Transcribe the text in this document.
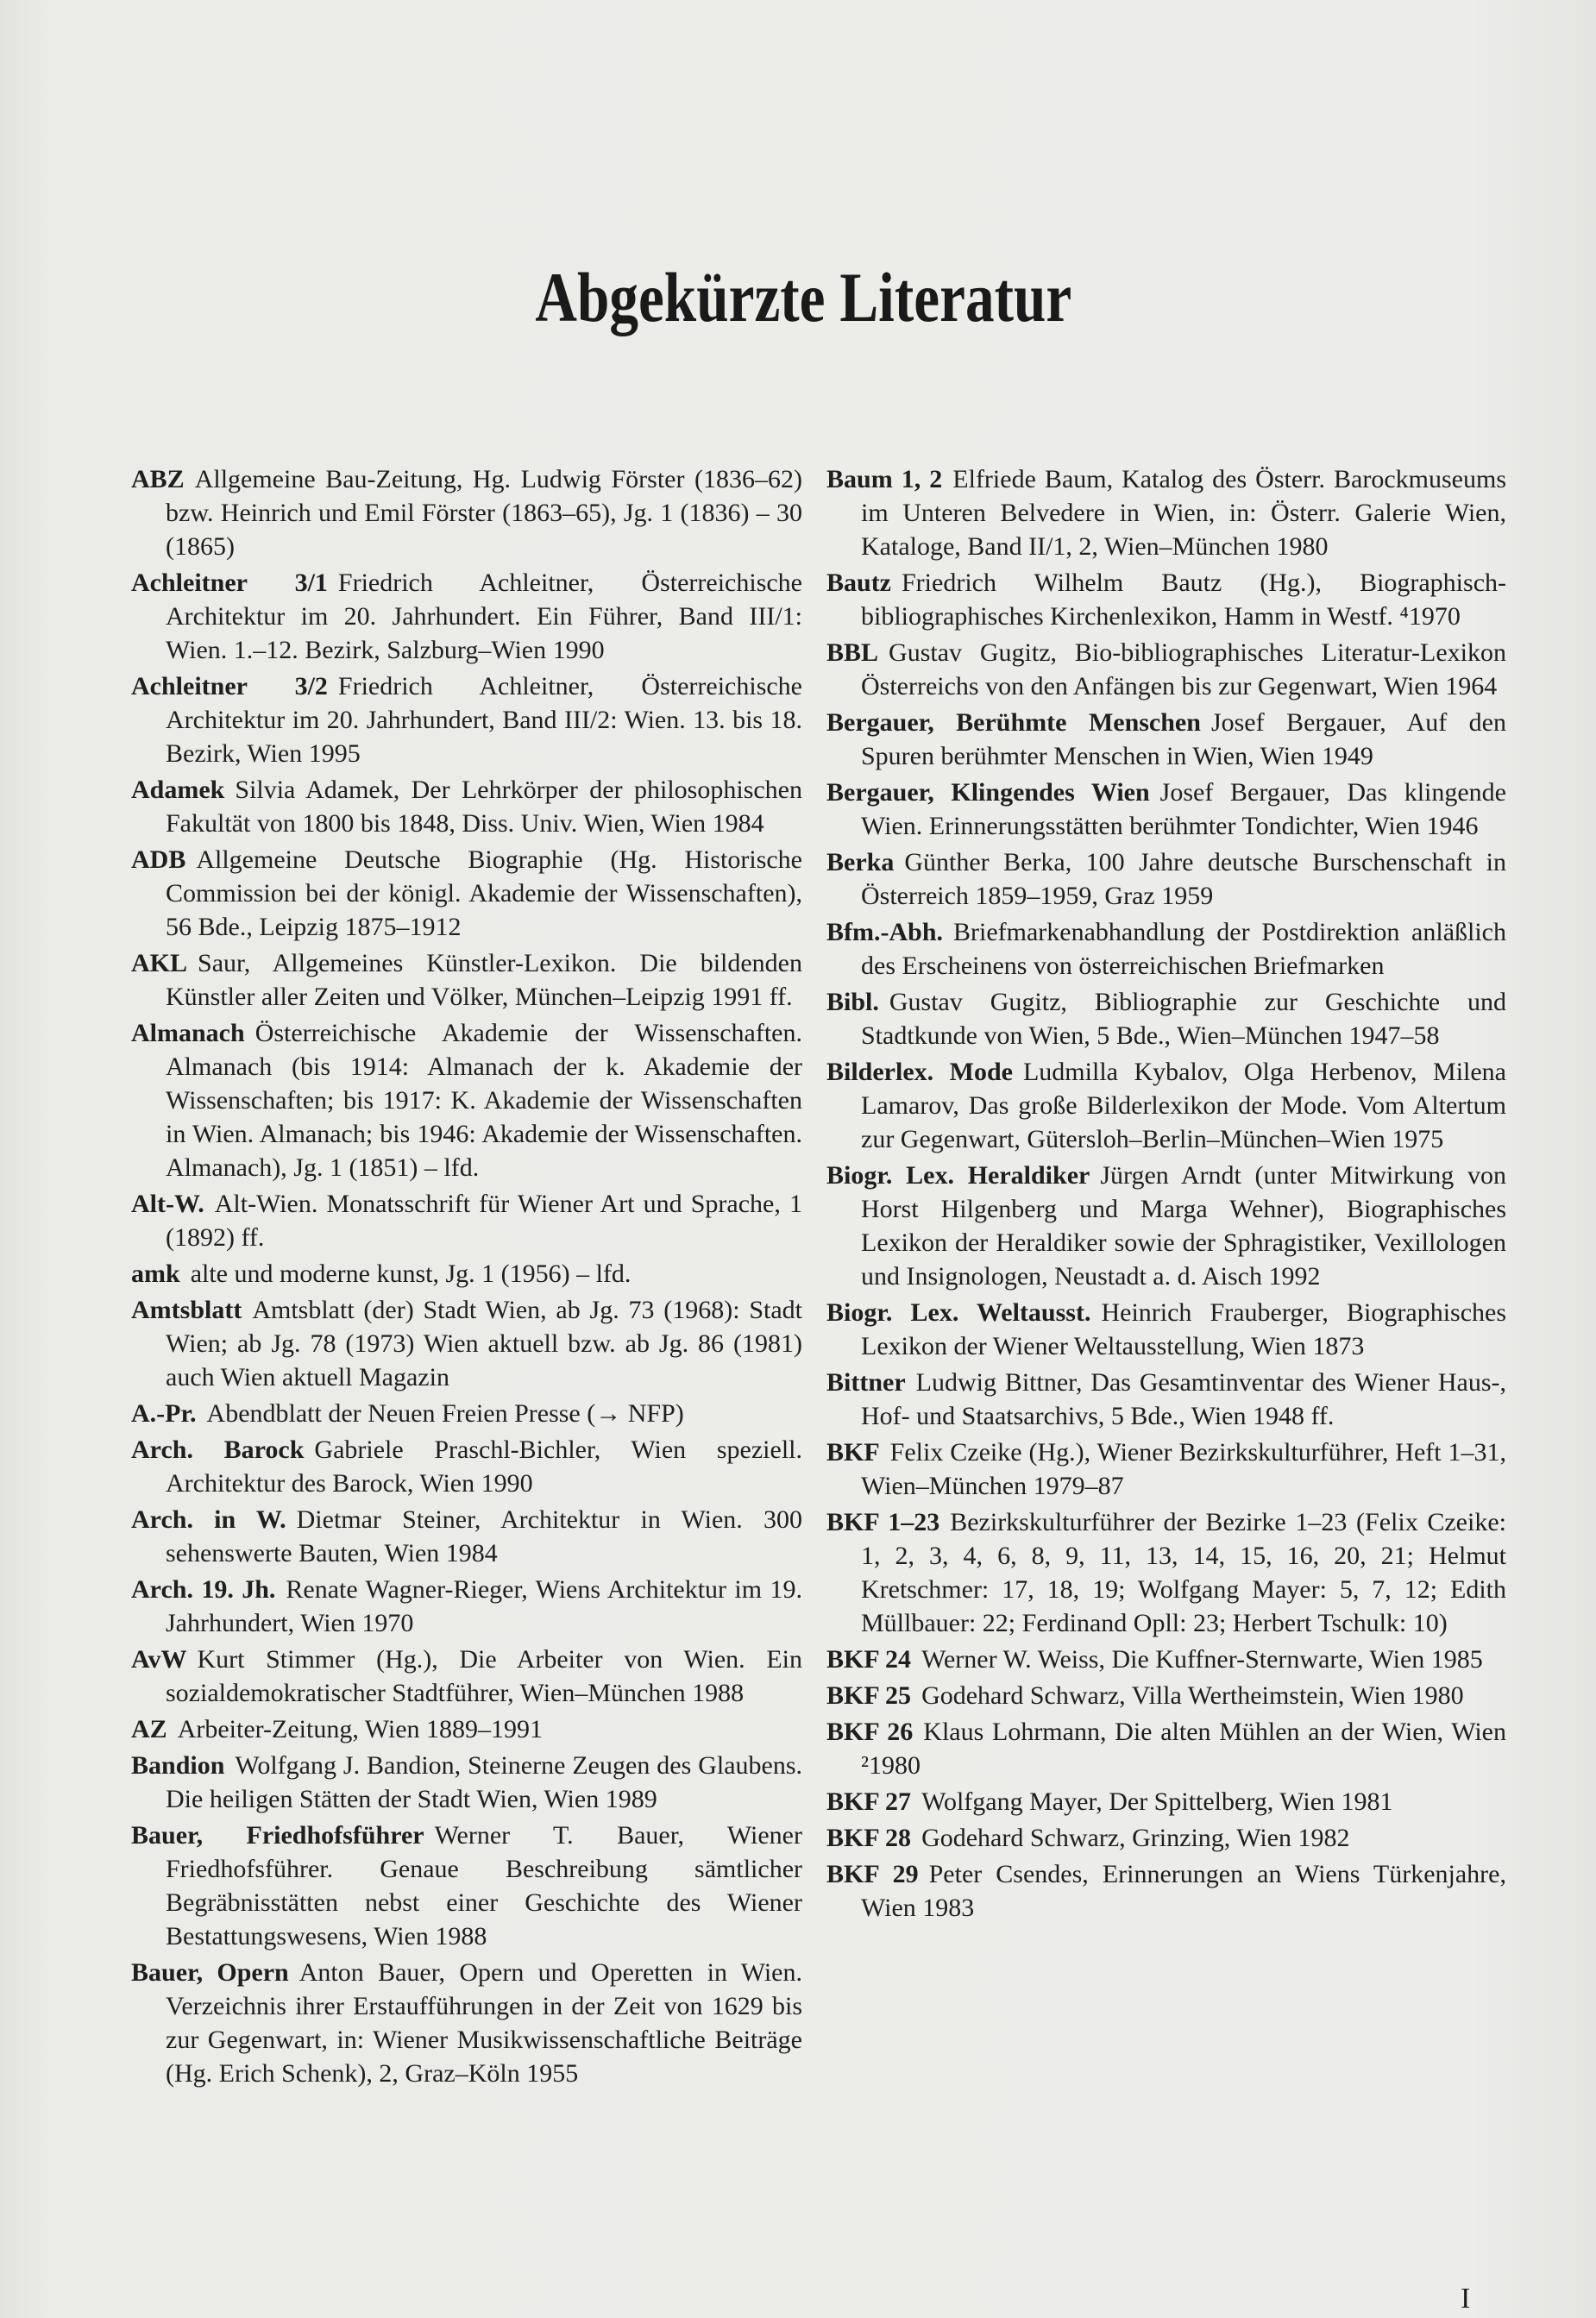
Abgekürzte Literatur

ABZ Allgemeine Bau-Zeitung, Hg. Ludwig Förster (1836–62) bzw. Heinrich und Emil Förster (1863–65), Jg. 1 (1836) – 30 (1865)

Achleitner 3/1 Friedrich Achleitner, Österreichische Architektur im 20. Jahrhundert. Ein Führer, Band III/1: Wien. 1.–12. Bezirk, Salzburg–Wien 1990

Achleitner 3/2 Friedrich Achleitner, Österreichische Architektur im 20. Jahrhundert, Band III/2: Wien. 13. bis 18. Bezirk, Wien 1995

Adamek Silvia Adamek, Der Lehrkörper der philosophischen Fakultät von 1800 bis 1848, Diss. Univ. Wien, Wien 1984

ADB Allgemeine Deutsche Biographie (Hg. Historische Commission bei der königl. Akademie der Wissenschaften), 56 Bde., Leipzig 1875–1912

AKL Saur, Allgemeines Künstler-Lexikon. Die bildenden Künstler aller Zeiten und Völker, München–Leipzig 1991 ff.

Almanach Österreichische Akademie der Wissenschaften. Almanach (bis 1914: Almanach der k. Akademie der Wissenschaften; bis 1917: K. Akademie der Wissenschaften in Wien. Almanach; bis 1946: Akademie der Wissenschaften. Almanach), Jg. 1 (1851) – lfd.

Alt-W. Alt-Wien. Monatsschrift für Wiener Art und Sprache, 1 (1892) ff.

amk alte und moderne kunst, Jg. 1 (1956) – lfd.

Amtsblatt Amtsblatt (der) Stadt Wien, ab Jg. 73 (1968): Stadt Wien; ab Jg. 78 (1973) Wien aktuell bzw. ab Jg. 86 (1981) auch Wien aktuell Magazin

A.-Pr. Abendblatt der Neuen Freien Presse (→ NFP)

Arch. Barock Gabriele Praschl-Bichler, Wien speziell. Architektur des Barock, Wien 1990

Arch. in W. Dietmar Steiner, Architektur in Wien. 300 sehenswerte Bauten, Wien 1984

Arch. 19. Jh. Renate Wagner-Rieger, Wiens Architektur im 19. Jahrhundert, Wien 1970

AvW Kurt Stimmer (Hg.), Die Arbeiter von Wien. Ein sozialdemokratischer Stadtführer, Wien–München 1988

AZ Arbeiter-Zeitung, Wien 1889–1991

Bandion Wolfgang J. Bandion, Steinerne Zeugen des Glaubens. Die heiligen Stätten der Stadt Wien, Wien 1989

Bauer, Friedhofsführer Werner T. Bauer, Wiener Friedhofsführer. Genaue Beschreibung sämtlicher Begräbnisstätten nebst einer Geschichte des Wiener Bestattungswesens, Wien 1988

Bauer, Opern Anton Bauer, Opern und Operetten in Wien. Verzeichnis ihrer Erstaufführungen in der Zeit von 1629 bis zur Gegenwart, in: Wiener Musikwissenschaftliche Beiträge (Hg. Erich Schenk), 2, Graz–Köln 1955

Baum 1, 2 Elfriede Baum, Katalog des Österr. Barockmuseums im Unteren Belvedere in Wien, in: Österr. Galerie Wien, Kataloge, Band II/1, 2, Wien–München 1980

Bautz Friedrich Wilhelm Bautz (Hg.), Biographisch-bibliographisches Kirchenlexikon, Hamm in Westf. ⁴1970

BBL Gustav Gugitz, Bio-bibliographisches Literatur-Lexikon Österreichs von den Anfängen bis zur Gegenwart, Wien 1964

Bergauer, Berühmte Menschen Josef Bergauer, Auf den Spuren berühmter Menschen in Wien, Wien 1949

Bergauer, Klingendes Wien Josef Bergauer, Das klingende Wien. Erinnerungsstätten berühmter Tondichter, Wien 1946

Berka Günther Berka, 100 Jahre deutsche Burschenschaft in Österreich 1859–1959, Graz 1959

Bfm.-Abh. Briefmarkenabhandlung der Postdirektion anläßlich des Erscheinens von österreichischen Briefmarken

Bibl. Gustav Gugitz, Bibliographie zur Geschichte und Stadtkunde von Wien, 5 Bde., Wien–München 1947–58

Bilderlex. Mode Ludmilla Kybalov, Olga Herbenov, Milena Lamarov, Das große Bilderlexikon der Mode. Vom Altertum zur Gegenwart, Gütersloh–Berlin–München–Wien 1975

Biogr. Lex. Heraldiker Jürgen Arndt (unter Mitwirkung von Horst Hilgenberg und Marga Wehner), Biographisches Lexikon der Heraldiker sowie der Sphragistiker, Vexillologen und Insignologen, Neustadt a. d. Aisch 1992

Biogr. Lex. Weltausst. Heinrich Frauberger, Biographisches Lexikon der Wiener Weltausstellung, Wien 1873

Bittner Ludwig Bittner, Das Gesamtinventar des Wiener Haus-, Hof- und Staatsarchivs, 5 Bde., Wien 1948 ff.

BKF Felix Czeike (Hg.), Wiener Bezirkskulturführer, Heft 1–31, Wien–München 1979–87

BKF 1–23 Bezirkskulturführer der Bezirke 1–23 (Felix Czeike: 1, 2, 3, 4, 6, 8, 9, 11, 13, 14, 15, 16, 20, 21; Helmut Kretschmer: 17, 18, 19; Wolfgang Mayer: 5, 7, 12; Edith Müllbauer: 22; Ferdinand Opll: 23; Herbert Tschulk: 10)

BKF 24 Werner W. Weiss, Die Kuffner-Sternwarte, Wien 1985

BKF 25 Godehard Schwarz, Villa Wertheimstein, Wien 1980

BKF 26 Klaus Lohrmann, Die alten Mühlen an der Wien, Wien ²1980

BKF 27 Wolfgang Mayer, Der Spittelberg, Wien 1981

BKF 28 Godehard Schwarz, Grinzing, Wien 1982

BKF 29 Peter Csendes, Erinnerungen an Wiens Türkenjahre, Wien 1983

I
